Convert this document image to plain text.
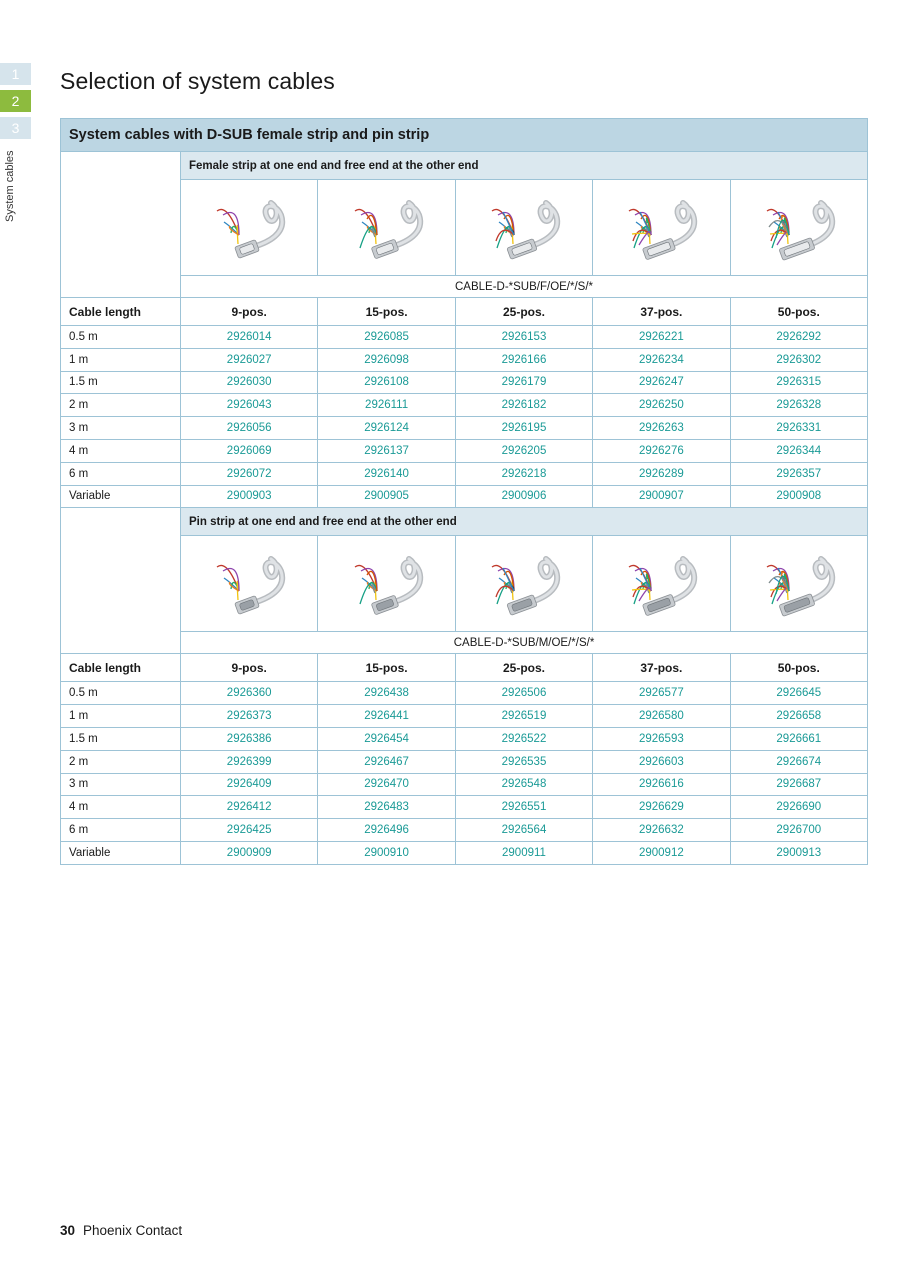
1
2
3
System cables
Selection of system cables
System cables with D-SUB female strip and pin strip					
	Female strip at one end and free end at the other end				

	CABLE-D-*SUB/F/OE/*/S/*				
Cable length	9-pos.	15-pos.	25-pos.	37-pos.	50-pos.
0.5 m	2926014	2926085	2926153	2926221	2926292
1 m	2926027	2926098	2926166	2926234	2926302
1.5 m	2926030	2926108	2926179	2926247	2926315
2 m	2926043	2926111	2926182	2926250	2926328
3 m	2926056	2926124	2926195	2926263	2926331
4 m	2926069	2926137	2926205	2926276	2926344
6 m	2926072	2926140	2926218	2926289	2926357
Variable	2900903	2900905	2900906	2900907	2900908
	Pin strip at one end and free end at the other end				

	CABLE-D-*SUB/M/OE/*/S/*				
Cable length	9-pos.	15-pos.	25-pos.	37-pos.	50-pos.
0.5 m	2926360	2926438	2926506	2926577	2926645
1 m	2926373	2926441	2926519	2926580	2926658
1.5 m	2926386	2926454	2926522	2926593	2926661
2 m	2926399	2926467	2926535	2926603	2926674
3 m	2926409	2926470	2926548	2926616	2926687
4 m	2926412	2926483	2926551	2926629	2926690
6 m	2926425	2926496	2926564	2926632	2926700
Variable	2900909	2900910	2900911	2900912	2900913
30 Phoenix Contact
